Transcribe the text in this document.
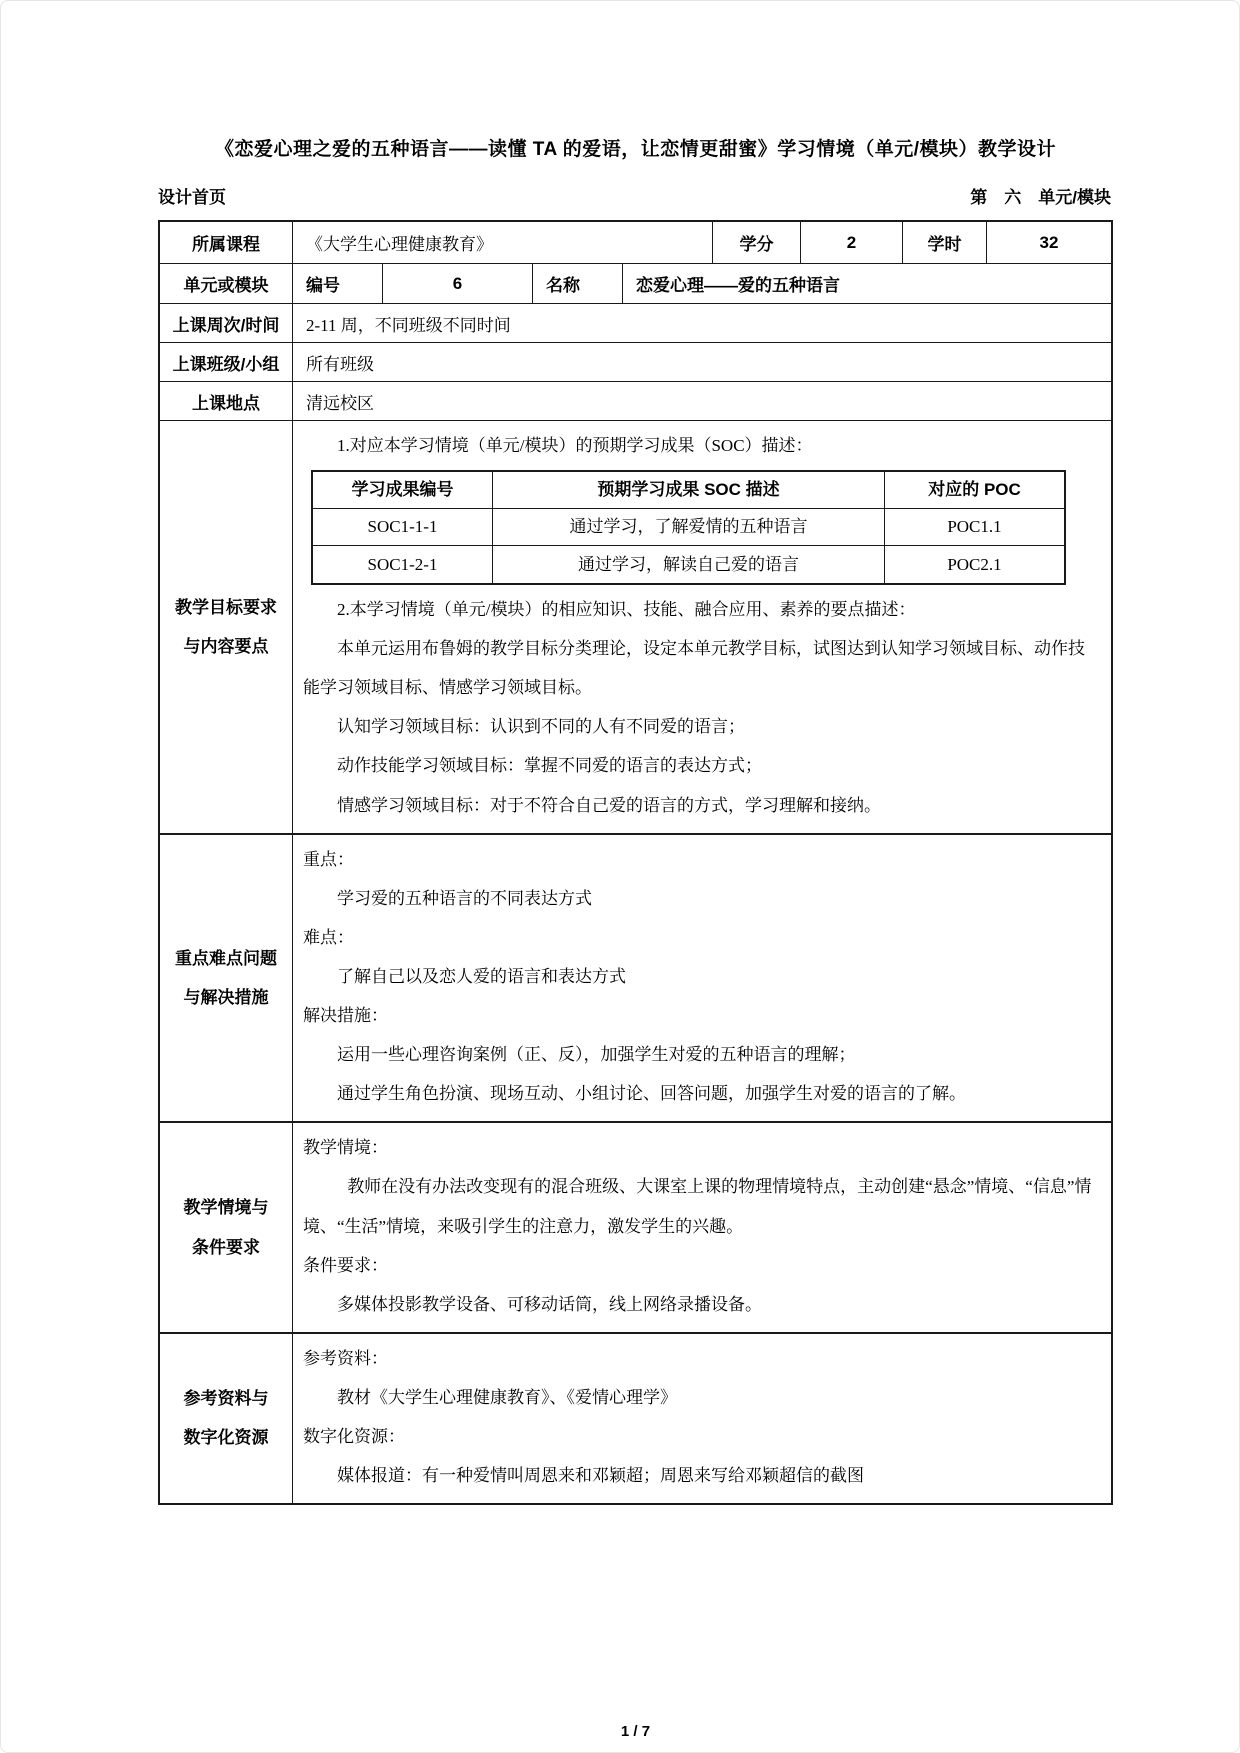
《恋爱心理之爱的五种语言——读懂 TA 的爱语，让恋情更甜蜜》学习情境（单元/模块）教学设计
设计首页	第　六　单元/模块
所属课程	《大学生心理健康教育》	学分	2	学时	32
单元或模块	编号	6	名称	恋爱心理——爱的五种语言
上课周次/时间	2-11 周，不同班级不同时间
上课班级/小组	所有班级
上课地点	清远校区
教学目标要求
与内容要点

1.对应本学习情境（单元/模块）的预期学习成果（SOC）描述：

学习成果编号	预期学习成果 SOC 描述	对应的 POC
SOC1-1-1	通过学习，了解爱情的五种语言	POC1.1
SOC1-2-1	通过学习，解读自己爱的语言	POC2.1

2.本学习情境（单元/模块）的相应知识、技能、融合应用、素养的要点描述：

本单元运用布鲁姆的教学目标分类理论，设定本单元教学目标，试图达到认知学习领域目标、动作技能学习领域目标、情感学习领域目标。

认知学习领域目标：认识到不同的人有不同爱的语言；

动作技能学习领域目标：掌握不同爱的语言的表达方式；

情感学习领域目标：对于不符合自己爱的语言的方式，学习理解和接纳。

重点难点问题
与解决措施

重点：

学习爱的五种语言的不同表达方式

难点：

了解自己以及恋人爱的语言和表达方式

解决措施：

运用一些心理咨询案例（正、反），加强学生对爱的五种语言的理解；

通过学生角色扮演、现场互动、小组讨论、回答问题，加强学生对爱的语言的了解。

教学情境与
条件要求

教学情境：

教师在没有办法改变现有的混合班级、大课室上课的物理情境特点，主动创建“悬念”情境、“信息”情境、“生活”情境，来吸引学生的注意力，激发学生的兴趣。

条件要求：

多媒体投影教学设备、可移动话筒，线上网络录播设备。

参考资料与
数字化资源

参考资料：

教材《大学生心理健康教育》、《爱情心理学》

数字化资源：

媒体报道：有一种爱情叫周恩来和邓颖超；周恩来写给邓颖超信的截图

1 / 7
